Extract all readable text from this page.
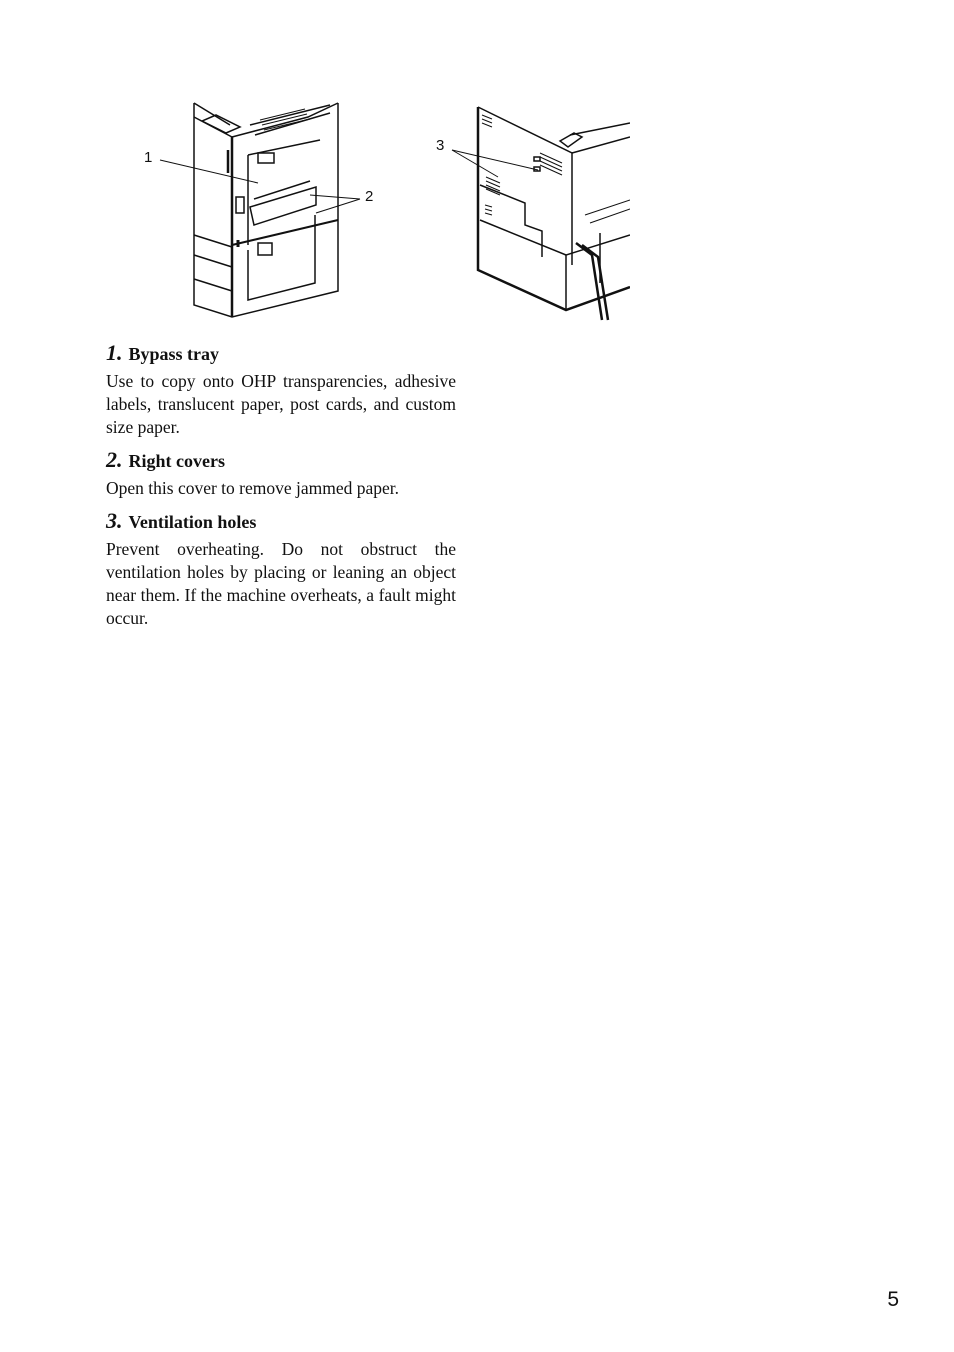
1
2
3
1. Bypass tray
Use to copy onto OHP transparencies, adhesive labels, translucent paper, post cards, and custom size paper.
2. Right covers
Open this cover to remove jammed paper.
3. Ventilation holes
Prevent overheating. Do not obstruct the ventilation holes by placing or leaning an object near them. If the machine overheats, a fault might occur.
5
